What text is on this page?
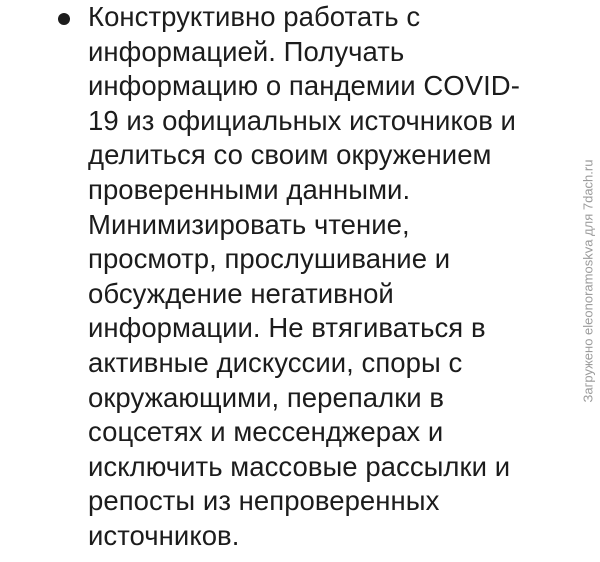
Конструктивно работать с
информацией. Получать
информацию о пандемии COVID-
19 из официальных источников и
делиться со своим окружением
проверенными данными.
Минимизировать чтение,
просмотр, прослушивание и
обсуждение негативной
информации. Не втягиваться в
активные дискуссии, споры с
окружающими, перепалки в
соцсетях и мессенджерах и
исключить массовые рассылки и
репосты из непроверенных
источников.
Загружено eleonoramoskva для 7dach.ru
